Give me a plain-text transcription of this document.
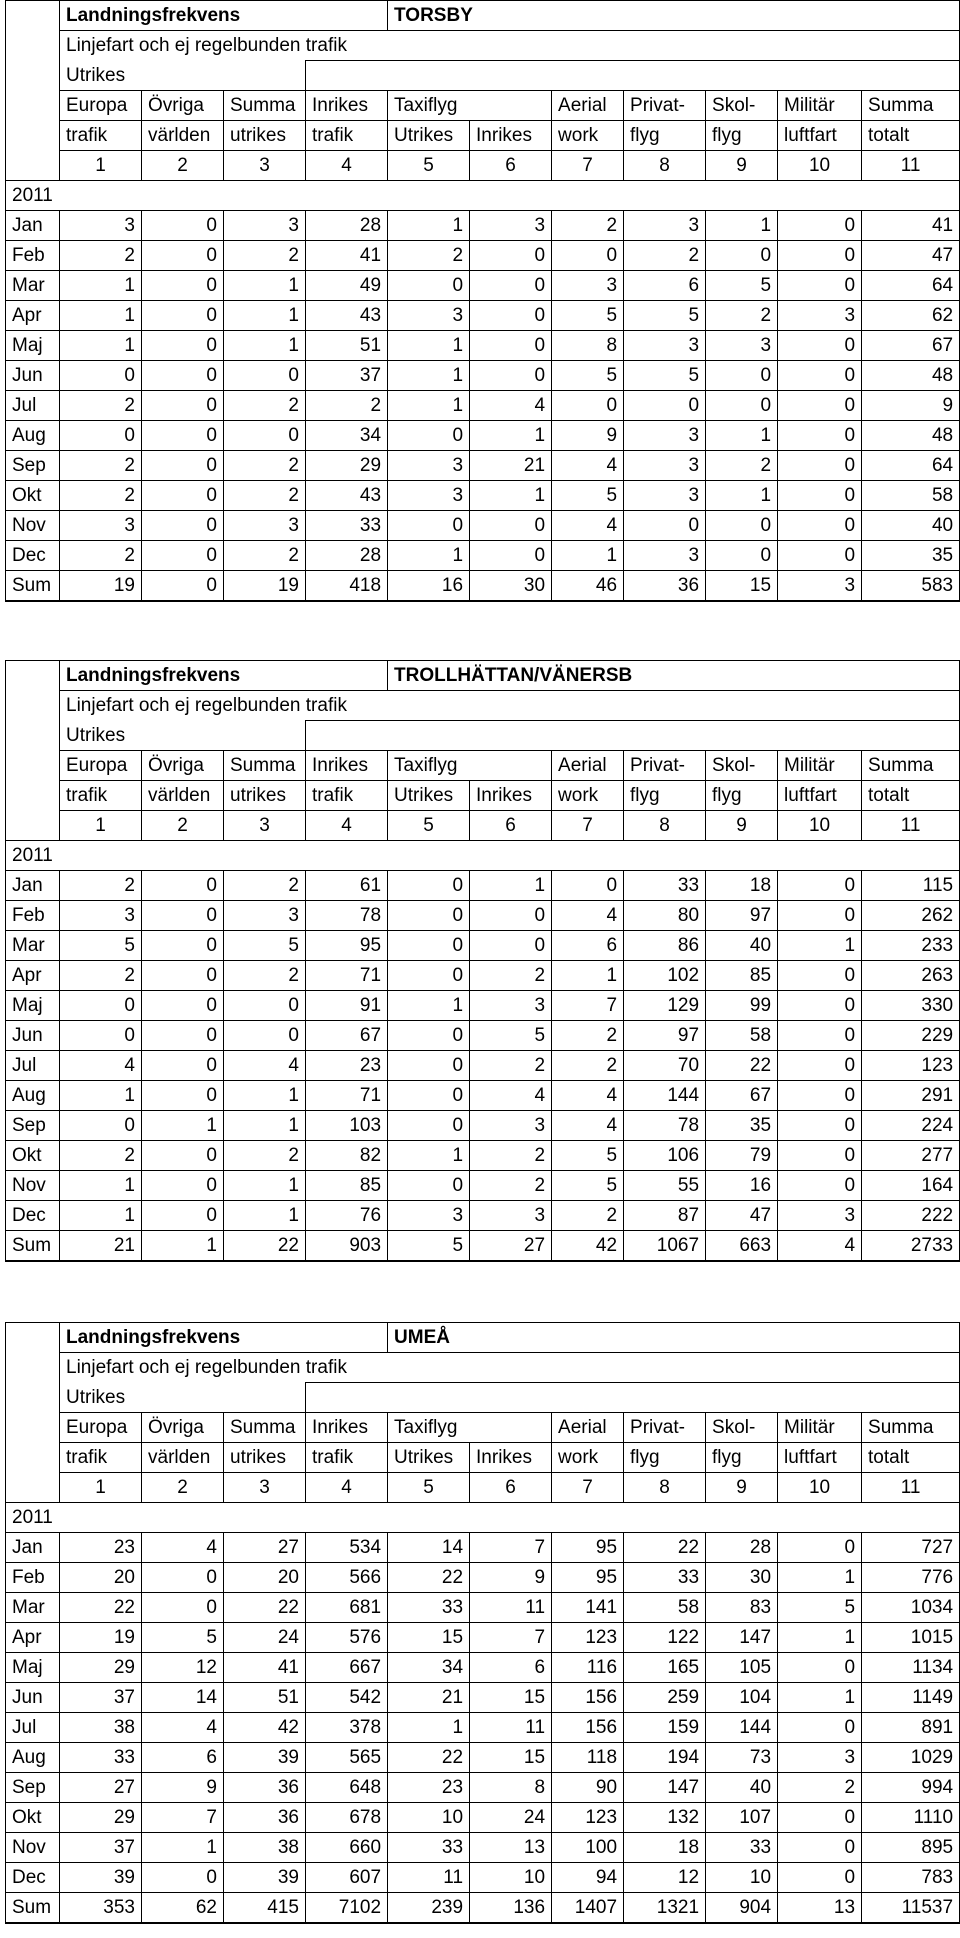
	Landningsfrekvens				TORSBY						
	Linjefart och ej regelbunden trafik										
	Utrikes										
	Europa	Övriga	Summa	Inrikes	Taxiflyg		Aerial	Privat-	Skol-	Militär	Summa
	trafik	världen	utrikes	trafik	Utrikes	Inrikes	work	flyg	flyg	luftfart	totalt
	1	2	3	4	5	6	7	8	9	10	11
2011											
Jan	3	0	3	28	1	3	2	3	1	0	41
Feb	2	0	2	41	2	0	0	2	0	0	47
Mar	1	0	1	49	0	0	3	6	5	0	64
Apr	1	0	1	43	3	0	5	5	2	3	62
Maj	1	0	1	51	1	0	8	3	3	0	67
Jun	0	0	0	37	1	0	5	5	0	0	48
Jul	2	0	2	2	1	4	0	0	0	0	9
Aug	0	0	0	34	0	1	9	3	1	0	48
Sep	2	0	2	29	3	21	4	3	2	0	64
Okt	2	0	2	43	3	1	5	3	1	0	58
Nov	3	0	3	33	0	0	4	0	0	0	40
Dec	2	0	2	28	1	0	1	3	0	0	35
Sum	19	0	19	418	16	30	46	36	15	3	583
	Landningsfrekvens				TROLLHÄTTAN/VÄNERSB						
	Linjefart och ej regelbunden trafik										
	Utrikes										
	Europa	Övriga	Summa	Inrikes	Taxiflyg		Aerial	Privat-	Skol-	Militär	Summa
	trafik	världen	utrikes	trafik	Utrikes	Inrikes	work	flyg	flyg	luftfart	totalt
	1	2	3	4	5	6	7	8	9	10	11
2011											
Jan	2	0	2	61	0	1	0	33	18	0	115
Feb	3	0	3	78	0	0	4	80	97	0	262
Mar	5	0	5	95	0	0	6	86	40	1	233
Apr	2	0	2	71	0	2	1	102	85	0	263
Maj	0	0	0	91	1	3	7	129	99	0	330
Jun	0	0	0	67	0	5	2	97	58	0	229
Jul	4	0	4	23	0	2	2	70	22	0	123
Aug	1	0	1	71	0	4	4	144	67	0	291
Sep	0	1	1	103	0	3	4	78	35	0	224
Okt	2	0	2	82	1	2	5	106	79	0	277
Nov	1	0	1	85	0	2	5	55	16	0	164
Dec	1	0	1	76	3	3	2	87	47	3	222
Sum	21	1	22	903	5	27	42	1067	663	4	2733
	Landningsfrekvens				UMEÅ						
	Linjefart och ej regelbunden trafik										
	Utrikes										
	Europa	Övriga	Summa	Inrikes	Taxiflyg		Aerial	Privat-	Skol-	Militär	Summa
	trafik	världen	utrikes	trafik	Utrikes	Inrikes	work	flyg	flyg	luftfart	totalt
	1	2	3	4	5	6	7	8	9	10	11
2011											
Jan	23	4	27	534	14	7	95	22	28	0	727
Feb	20	0	20	566	22	9	95	33	30	1	776
Mar	22	0	22	681	33	11	141	58	83	5	1034
Apr	19	5	24	576	15	7	123	122	147	1	1015
Maj	29	12	41	667	34	6	116	165	105	0	1134
Jun	37	14	51	542	21	15	156	259	104	1	1149
Jul	38	4	42	378	1	11	156	159	144	0	891
Aug	33	6	39	565	22	15	118	194	73	3	1029
Sep	27	9	36	648	23	8	90	147	40	2	994
Okt	29	7	36	678	10	24	123	132	107	0	1110
Nov	37	1	38	660	33	13	100	18	33	0	895
Dec	39	0	39	607	11	10	94	12	10	0	783
Sum	353	62	415	7102	239	136	1407	1321	904	13	11537
